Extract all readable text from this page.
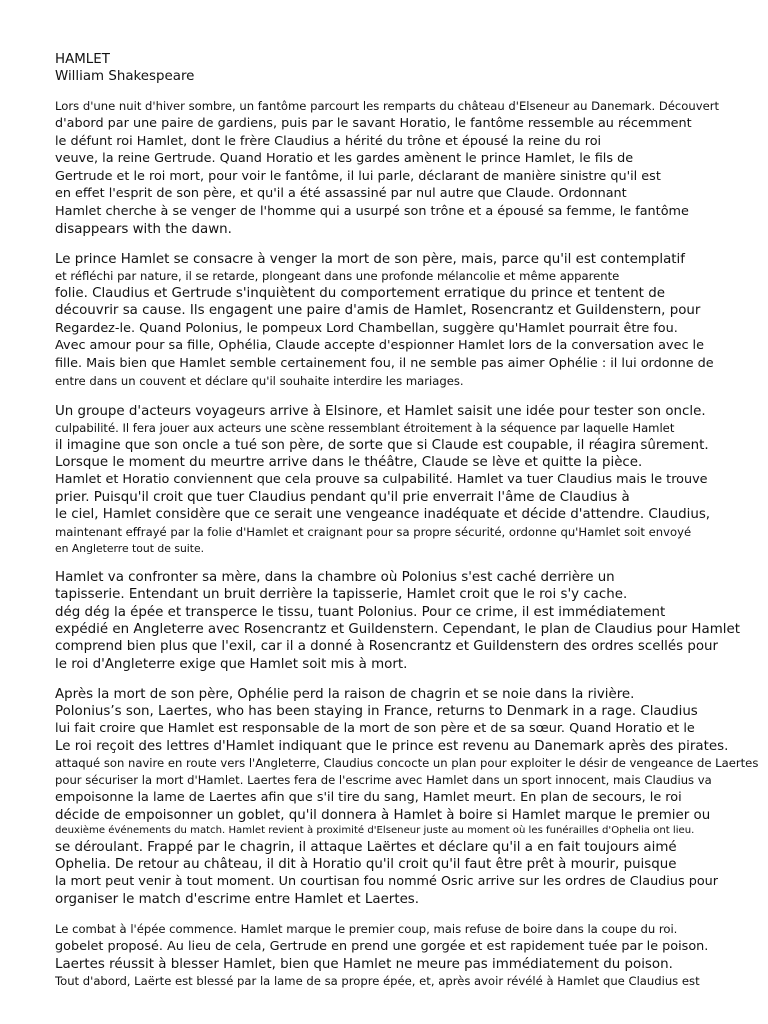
HAMLET
William Shakespeare
Lors d'une nuit d'hiver sombre, un fantôme parcourt les remparts du château d'Elseneur au Danemark. Découvert
d'abord par une paire de gardiens, puis par le savant Horatio, le fantôme ressemble au récemment
le défunt roi Hamlet, dont le frère Claudius a hérité du trône et épousé la reine du roi
veuve, la reine Gertrude. Quand Horatio et les gardes amènent le prince Hamlet, le fils de
Gertrude et le roi mort, pour voir le fantôme, il lui parle, déclarant de manière sinistre qu'il est
en effet l'esprit de son père, et qu'il a été assassiné par nul autre que Claude. Ordonnant
Hamlet cherche à se venger de l'homme qui a usurpé son trône et a épousé sa femme, le fantôme
disappears with the dawn.
Le prince Hamlet se consacre à venger la mort de son père, mais, parce qu'il est contemplatif
et réfléchi par nature, il se retarde, plongeant dans une profonde mélancolie et même apparente
folie. Claudius et Gertrude s'inquiètent du comportement erratique du prince et tentent de
découvrir sa cause. Ils engagent une paire d'amis de Hamlet, Rosencrantz et Guildenstern, pour
Regardez-le. Quand Polonius, le pompeux Lord Chambellan, suggère qu'Hamlet pourrait être fou.
Avec amour pour sa fille, Ophélia, Claude accepte d'espionner Hamlet lors de la conversation avec le
fille. Mais bien que Hamlet semble certainement fou, il ne semble pas aimer Ophélie : il lui ordonne de
entre dans un couvent et déclare qu'il souhaite interdire les mariages.
Un groupe d'acteurs voyageurs arrive à Elsinore, et Hamlet saisit une idée pour tester son oncle.
culpabilité. Il fera jouer aux acteurs une scène ressemblant étroitement à la séquence par laquelle Hamlet
il imagine que son oncle a tué son père, de sorte que si Claude est coupable, il réagira sûrement.
Lorsque le moment du meurtre arrive dans le théâtre, Claude se lève et quitte la pièce.
Hamlet et Horatio conviennent que cela prouve sa culpabilité. Hamlet va tuer Claudius mais le trouve
prier. Puisqu'il croit que tuer Claudius pendant qu'il prie enverrait l'âme de Claudius à
le ciel, Hamlet considère que ce serait une vengeance inadéquate et décide d'attendre. Claudius,
maintenant effrayé par la folie d'Hamlet et craignant pour sa propre sécurité, ordonne qu'Hamlet soit envoyé
en Angleterre tout de suite.
Hamlet va confronter sa mère, dans la chambre où Polonius s'est caché derrière un
tapisserie. Entendant un bruit derrière la tapisserie, Hamlet croit que le roi s'y cache.
dég dég la épée et transperce le tissu, tuant Polonius. Pour ce crime, il est immédiatement
expédié en Angleterre avec Rosencrantz et Guildenstern. Cependant, le plan de Claudius pour Hamlet
comprend bien plus que l'exil, car il a donné à Rosencrantz et Guildenstern des ordres scellés pour
le roi d'Angleterre exige que Hamlet soit mis à mort.
Après la mort de son père, Ophélie perd la raison de chagrin et se noie dans la rivière.
Polonius’s son, Laertes, who has been staying in France, returns to Denmark in a rage. Claudius
lui fait croire que Hamlet est responsable de la mort de son père et de sa sœur. Quand Horatio et le
Le roi reçoit des lettres d'Hamlet indiquant que le prince est revenu au Danemark après des pirates.
attaqué son navire en route vers l'Angleterre, Claudius concocte un plan pour exploiter le désir de vengeance de Laertes
pour sécuriser la mort d'Hamlet. Laertes fera de l'escrime avec Hamlet dans un sport innocent, mais Claudius va
empoisonne la lame de Laertes afin que s'il tire du sang, Hamlet meurt. En plan de secours, le roi
décide de empoisonner un goblet, qu'il donnera à Hamlet à boire si Hamlet marque le premier ou
deuxième événements du match. Hamlet revient à proximité d'Elseneur juste au moment où les funérailles d'Ophelia ont lieu.
se déroulant. Frappé par le chagrin, il attaque Laërtes et déclare qu'il a en fait toujours aimé
Ophelia. De retour au château, il dit à Horatio qu'il croit qu'il faut être prêt à mourir, puisque
la mort peut venir à tout moment. Un courtisan fou nommé Osric arrive sur les ordres de Claudius pour
organiser le match d'escrime entre Hamlet et Laertes.
Le combat à l'épée commence. Hamlet marque le premier coup, mais refuse de boire dans la coupe du roi.
gobelet proposé. Au lieu de cela, Gertrude en prend une gorgée et est rapidement tuée par le poison.
Laertes réussit à blesser Hamlet, bien que Hamlet ne meure pas immédiatement du poison.
Tout d'abord, Laërte est blessé par la lame de sa propre épée, et, après avoir révélé à Hamlet que Claudius est
